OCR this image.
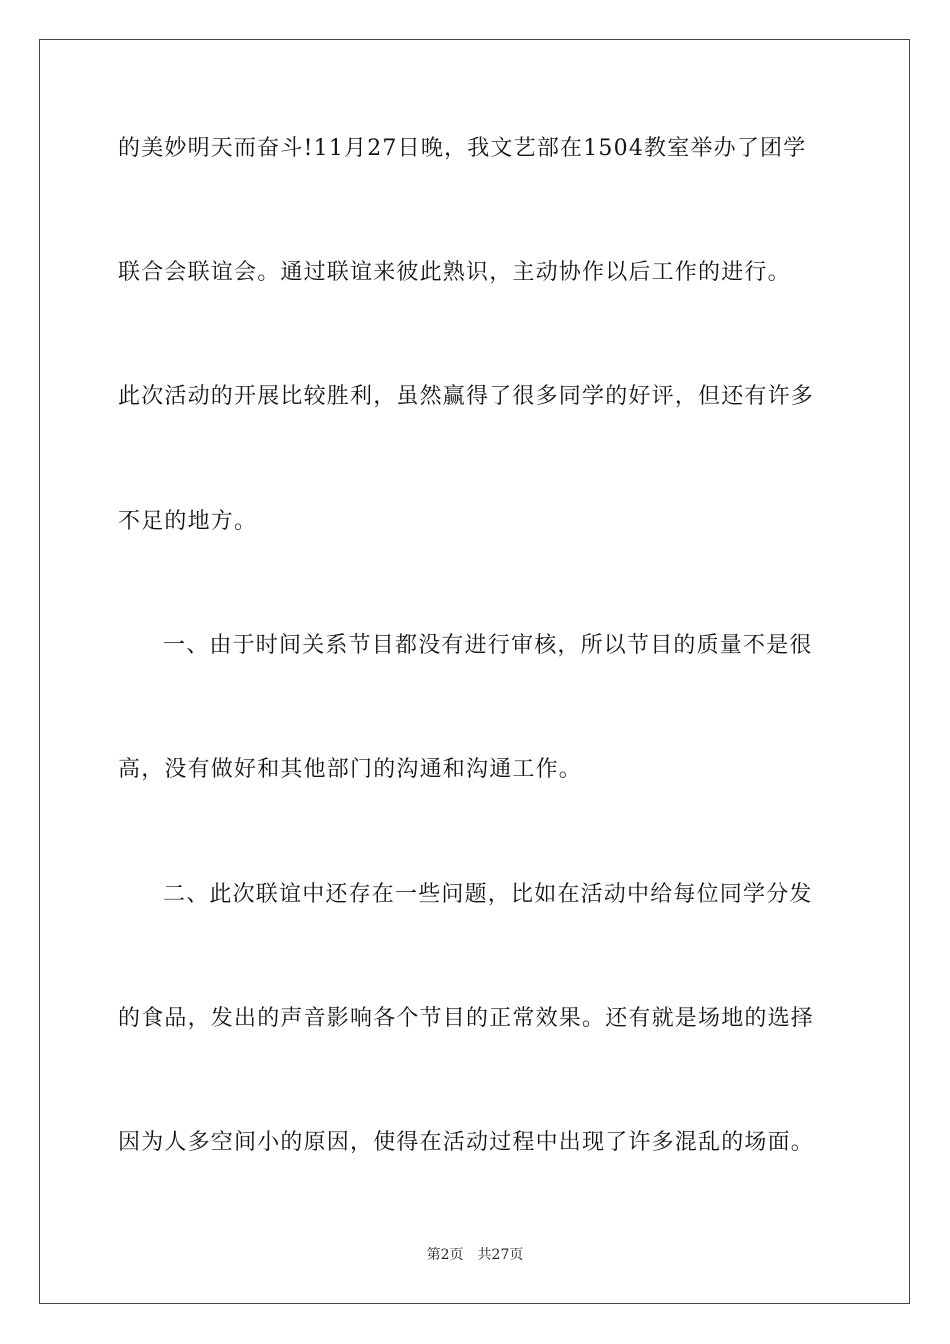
的美妙明天而奋斗!11月27日晚，我文艺部在1504教室举办了团学
联合会联谊会。通过联谊来彼此熟识，主动协作以后工作的进行。
此次活动的开展比较胜利，虽然赢得了很多同学的好评，但还有许多
不足的地方。
一、由于时间关系节目都没有进行审核，所以节目的质量不是很
高，没有做好和其他部门的沟通和沟通工作。
二、此次联谊中还存在一些问题，比如在活动中给每位同学分发
的食品，发出的声音影响各个节目的正常效果。还有就是场地的选择
因为人多空间小的原因，使得在活动过程中出现了许多混乱的场面。
第2页 共27页
